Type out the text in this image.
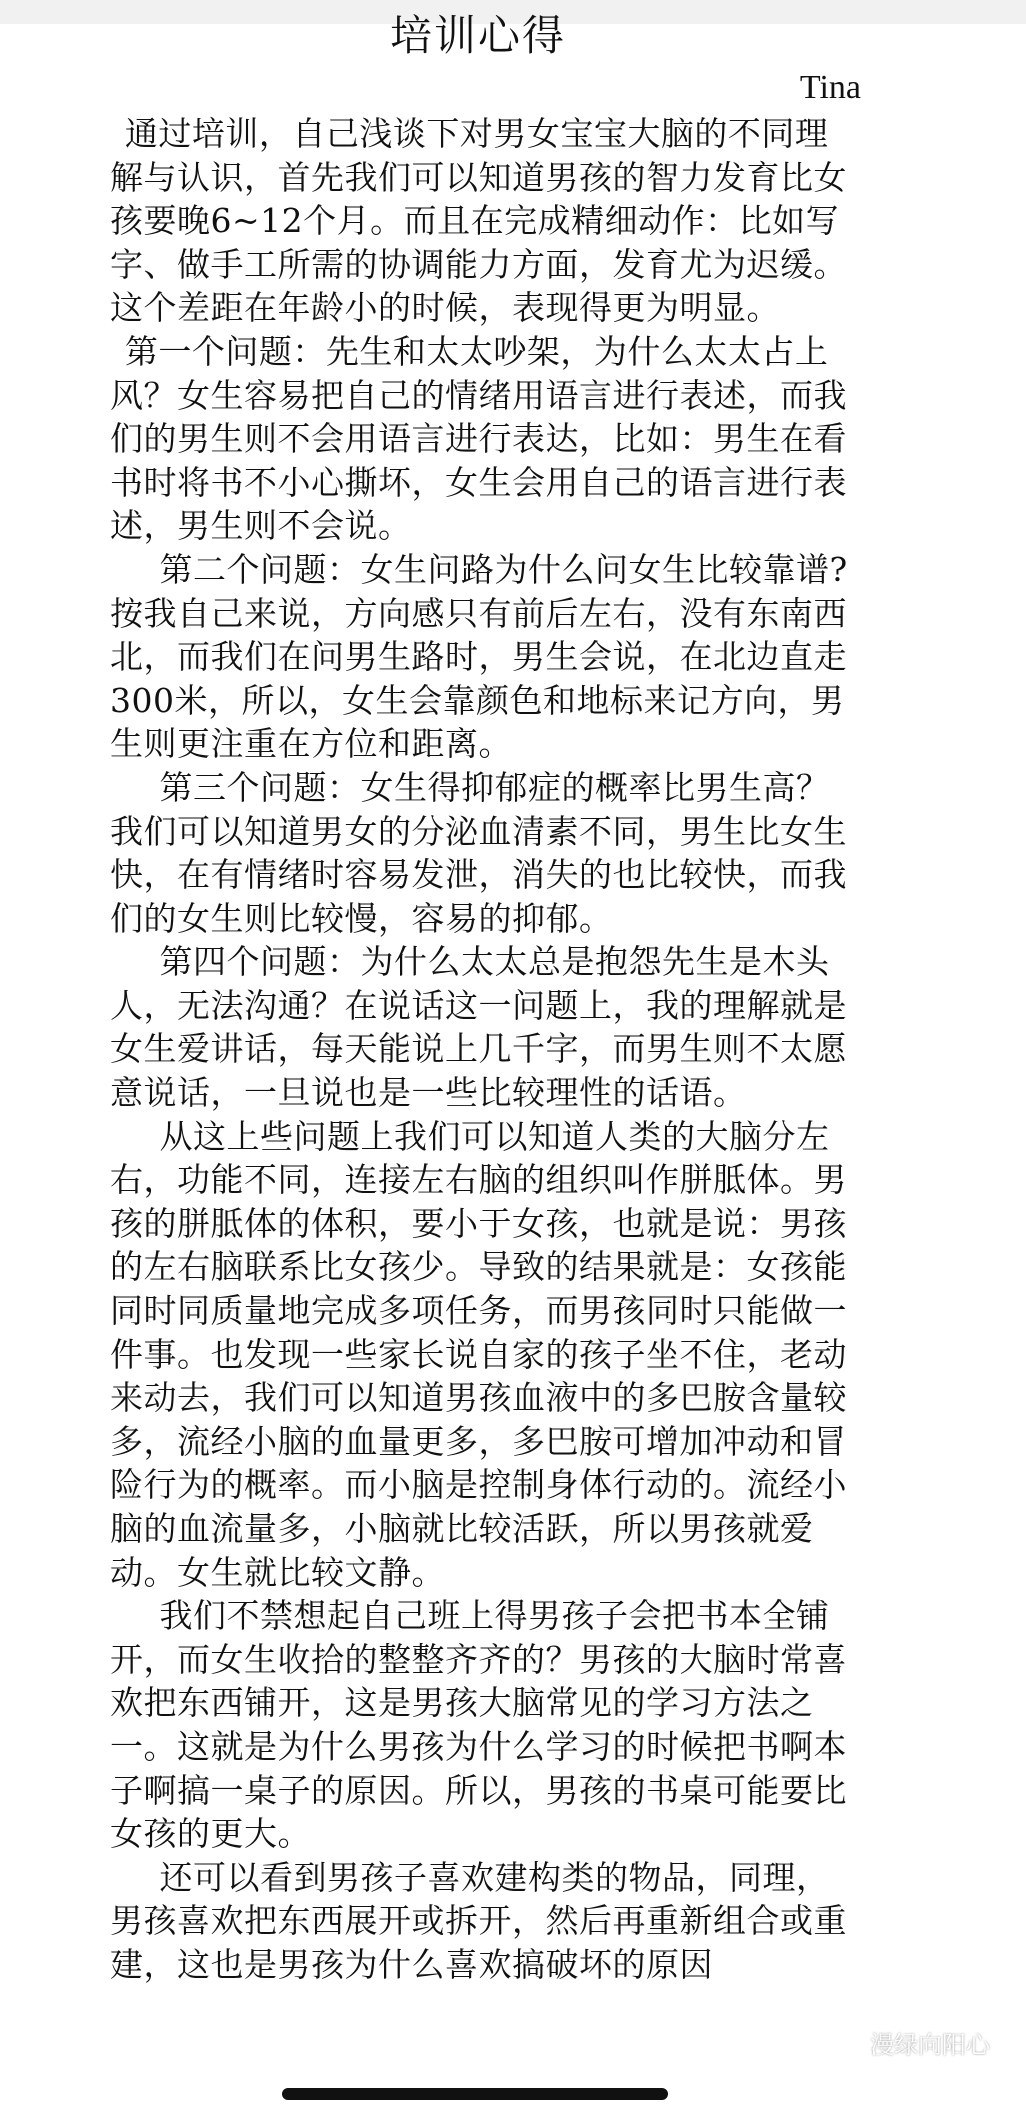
培训心得
Tina

通过培训，自己浅谈下对男女宝宝大脑的不同理解与认识，首先我们可以知道男孩的智力发育比女孩要晚6~12个月。而且在完成精细动作：比如写字、做手工所需的协调能力方面，发育尤为迟缓。这个差距在年龄小的时候，表现得更为明显。

第一个问题：先生和太太吵架，为什么太太占上风？女生容易把自己的情绪用语言进行表述，而我们的男生则不会用语言进行表达，比如：男生在看书时将书不小心撕坏，女生会用自己的语言进行表述，男生则不会说。

第二个问题：女生问路为什么问女生比较靠谱?按我自己来说，方向感只有前后左右，没有东南西北，而我们在问男生路时，男生会说，在北边直走300米，所以，女生会靠颜色和地标来记方向，男生则更注重在方位和距离。

第三个问题：女生得抑郁症的概率比男生高？我们可以知道男女的分泌血清素不同，男生比女生快，在有情绪时容易发泄，消失的也比较快，而我们的女生则比较慢，容易的抑郁。

第四个问题：为什么太太总是抱怨先生是木头人，无法沟通？在说话这一问题上，我的理解就是女生爱讲话，每天能说上几千字，而男生则不太愿意说话，一旦说也是一些比较理性的话语。

从这上些问题上我们可以知道人类的大脑分左右，功能不同，连接左右脑的组织叫作胼胝体。男孩的胼胝体的体积，要小于女孩，也就是说：男孩的左右脑联系比女孩少。导致的结果就是：女孩能同时同质量地完成多项任务，而男孩同时只能做一件事。也发现一些家长说自家的孩子坐不住，老动来动去，我们可以知道男孩血液中的多巴胺含量较多，流经小脑的血量更多，多巴胺可增加冲动和冒险行为的概率。而小脑是控制身体行动的。流经小脑的血流量多，小脑就比较活跃，所以男孩就爱动。女生就比较文静。

我们不禁想起自己班上得男孩子会把书本全铺开，而女生收拾的整整齐齐的？男孩的大脑时常喜欢把东西铺开，这是男孩大脑常见的学习方法之一。这就是为什么男孩为什么学习的时候把书啊本子啊搞一桌子的原因。所以，男孩的书桌可能要比女孩的更大。

还可以看到男孩子喜欢建构类的物品，同理，男孩喜欢把东西展开或拆开，然后再重新组合或重建，这也是男孩为什么喜欢搞破坏的原因

漫绿向阳心
